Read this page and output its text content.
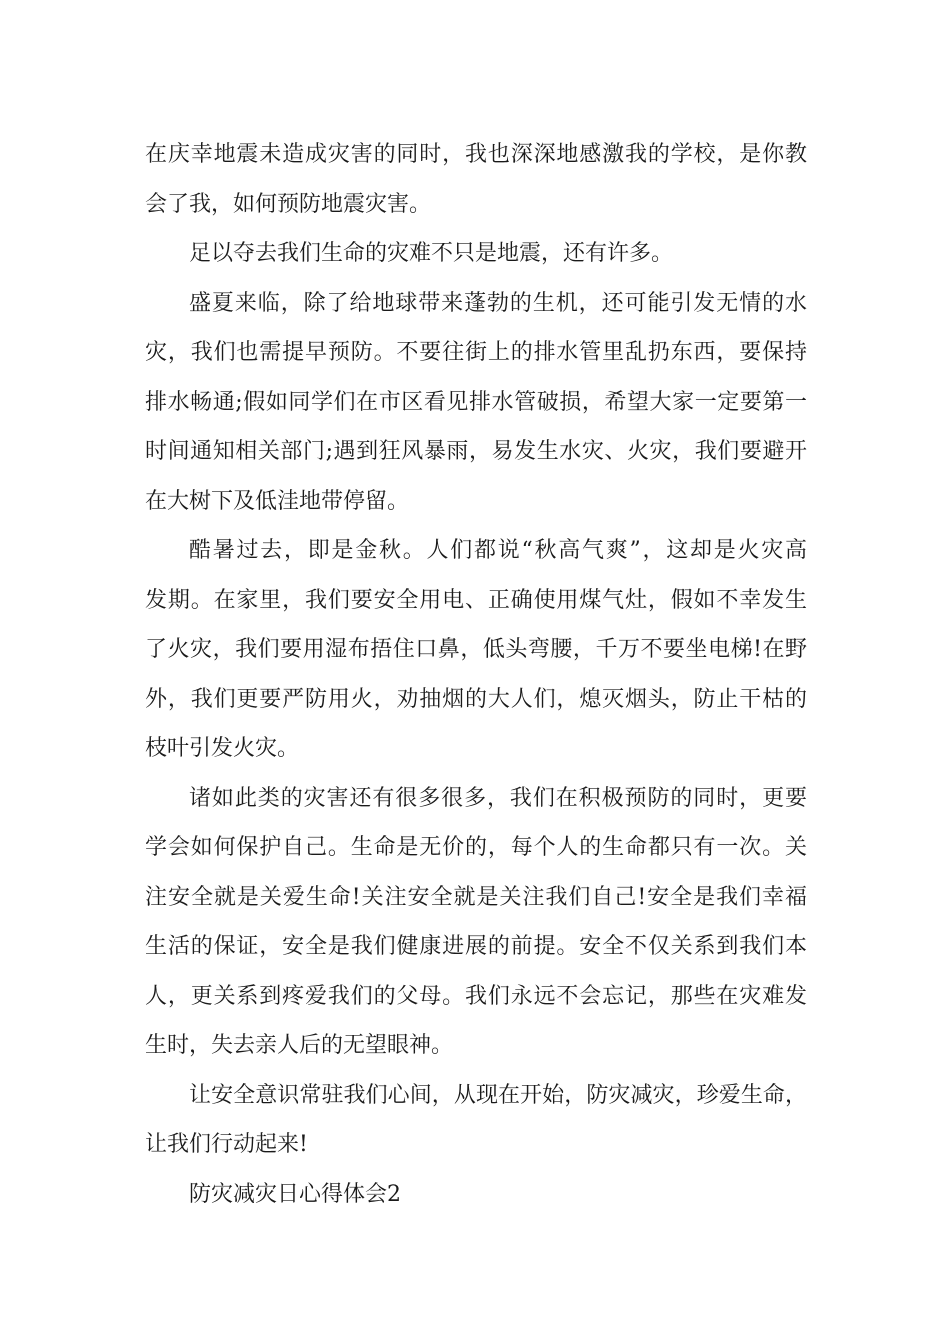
在庆幸地震未造成灾害的同时，我也深深地感激我的学校，是你教
会了我，如何预防地震灾害。
足以夺去我们生命的灾难不只是地震，还有许多。
盛夏来临，除了给地球带来蓬勃的生机，还可能引发无情的水
灾，我们也需提早预防。不要往街上的排水管里乱扔东西，要保持
排水畅通;假如同学们在市区看见排水管破损，希望大家一定要第一
时间通知相关部门;遇到狂风暴雨，易发生水灾、火灾，我们要避开
在大树下及低洼地带停留。
酷暑过去，即是金秋。人们都说“秋高气爽”，这却是火灾高
发期。在家里，我们要安全用电、正确使用煤气灶，假如不幸发生
了火灾，我们要用湿布捂住口鼻，低头弯腰，千万不要坐电梯!在野
外，我们更要严防用火，劝抽烟的大人们，熄灭烟头，防止干枯的
枝叶引发火灾。
诸如此类的灾害还有很多很多，我们在积极预防的同时，更要
学会如何保护自己。生命是无价的，每个人的生命都只有一次。关
注安全就是关爱生命!关注安全就是关注我们自己!安全是我们幸福
生活的保证，安全是我们健康进展的前提。安全不仅关系到我们本
人，更关系到疼爱我们的父母。我们永远不会忘记，那些在灾难发
生时，失去亲人后的无望眼神。
让安全意识常驻我们心间，从现在开始，防灾减灾，珍爱生命，
让我们行动起来!
防灾减灾日心得体会2
